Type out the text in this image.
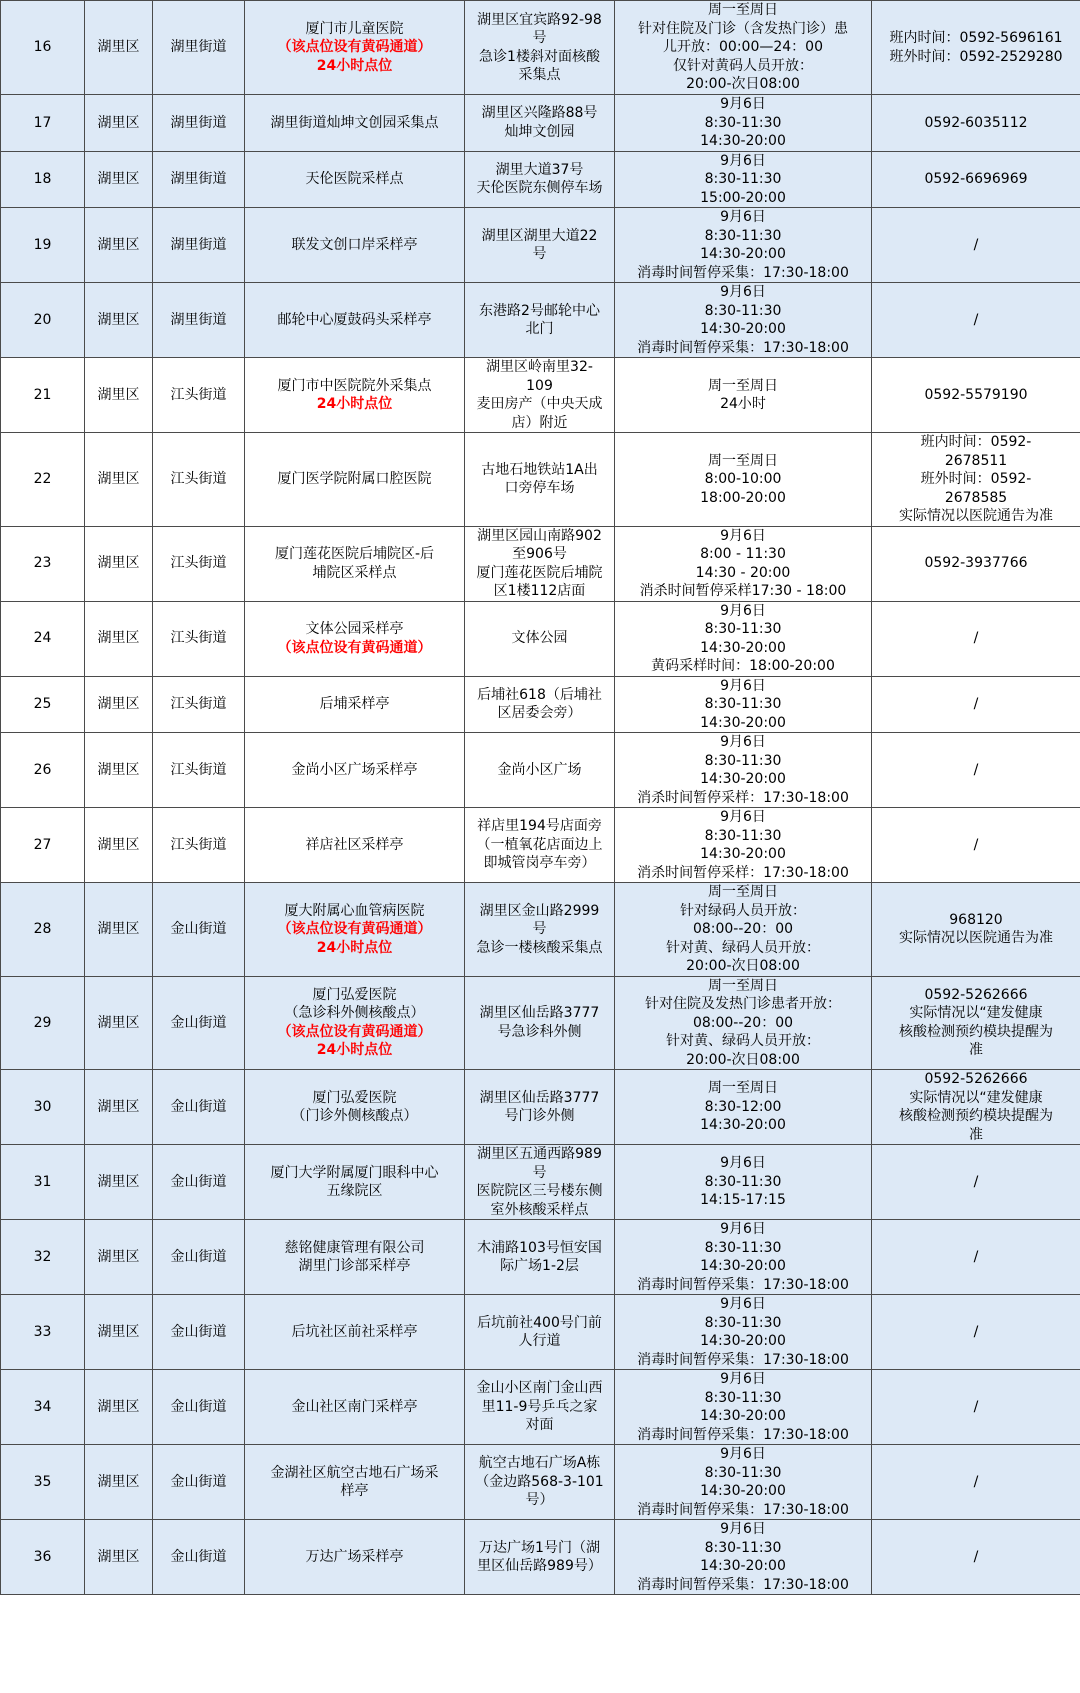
16	湖里区	湖里街道	厦门市儿童医院
（该点位设有黄码通道）
24小时点位	湖里区宜宾路92-98
号
急诊1楼斜对面核酸
采集点	周一至周日
针对住院及门诊（含发热门诊）患
儿开放：00:00—24：00
仅针对黄码人员开放：
20:00-次日08:00	班内时间：0592-5696161
班外时间：0592-2529280

17	湖里区	湖里街道	湖里街道灿坤文创园采集点	湖里区兴隆路88号
灿坤文创园	9月6日
8:30-11:30
14:30-20:00	0592-6035112

18	湖里区	湖里街道	天伦医院采样点	湖里大道37号
天伦医院东侧停车场	9月6日
8:30-11:30
15:00-20:00	0592-6696969

19	湖里区	湖里街道	联发文创口岸采样亭	湖里区湖里大道22
号	9月6日
8:30-11:30
14:30-20:00
消毒时间暂停采集：17:30-18:00	/

20	湖里区	湖里街道	邮轮中心厦鼓码头采样亭	东港路2号邮轮中心
北门	9月6日
8:30-11:30
14:30-20:00
消毒时间暂停采集：17:30-18:00	/

21	湖里区	江头街道	厦门市中医院院外采集点
24小时点位	湖里区岭南里32-
109
麦田房产（中央天成
店）附近	周一至周日
24小时	0592-5579190

22	湖里区	江头街道	厦门医学院附属口腔医院	古地石地铁站1A出
口旁停车场	周一至周日
8:00-10:00
18:00-20:00	班内时间：0592-
2678511
班外时间：0592-
2678585
实际情况以医院通告为准

23	湖里区	江头街道	厦门莲花医院后埔院区-后
埔院区采样点	湖里区园山南路902
至906号
厦门莲花医院后埔院
区1楼112店面	9月6日
8:00 - 11:30
14:30 - 20:00
消杀时间暂停采样17:30 - 18:00	0592-3937766

24	湖里区	江头街道	文体公园采样亭
（该点位设有黄码通道）	文体公园	9月6日
8:30-11:30
14:30-20:00
黄码采样时间：18:00-20:00	/

25	湖里区	江头街道	后埔采样亭	后埔社618（后埔社
区居委会旁）	9月6日
8:30-11:30
14:30-20:00	/

26	湖里区	江头街道	金尚小区广场采样亭	金尚小区广场	9月6日
8:30-11:30
14:30-20:00
消杀时间暂停采样：17:30-18:00	/

27	湖里区	江头街道	祥店社区采样亭	祥店里194号店面旁
（一植氧花店面边上
即城管岗亭车旁）	9月6日
8:30-11:30
14:30-20:00
消杀时间暂停采样：17:30-18:00	/

28	湖里区	金山街道	厦大附属心血管病医院
（该点位设有黄码通道）
24小时点位	湖里区金山路2999
号
急诊一楼核酸采集点	周一至周日
针对绿码人员开放：
08:00--20：00
针对黄、绿码人员开放：
20:00-次日08:00	968120
实际情况以医院通告为准

29	湖里区	金山街道	厦门弘爱医院
（急诊科外侧核酸点）
（该点位设有黄码通道）
24小时点位	湖里区仙岳路3777
号急诊科外侧	周一至周日
针对住院及发热门诊患者开放：
08:00--20：00
针对黄、绿码人员开放：
20:00-次日08:00	0592-5262666
实际情况以“建发健康
核酸检测预约模块提醒为
准

30	湖里区	金山街道	厦门弘爱医院
（门诊外侧核酸点）	湖里区仙岳路3777
号门诊外侧	周一至周日
8:30-12:00
14:30-20:00	0592-5262666
实际情况以“建发健康
核酸检测预约模块提醒为
准

31	湖里区	金山街道	厦门大学附属厦门眼科中心
五缘院区	湖里区五通西路989
号
医院院区三号楼东侧
室外核酸采样点	9月6日
8:30-11:30
14:15-17:15	/

32	湖里区	金山街道	慈铭健康管理有限公司
湖里门诊部采样亭	木浦路103号恒安国
际广场1-2层	9月6日
8:30-11:30
14:30-20:00
消毒时间暂停采集：17:30-18:00	/

33	湖里区	金山街道	后坑社区前社采样亭	后坑前社400号门前
人行道	9月6日
8:30-11:30
14:30-20:00
消毒时间暂停采集：17:30-18:00	/

34	湖里区	金山街道	金山社区南门采样亭	金山小区南门金山西
里11-9号乒乓之家
对面	9月6日
8:30-11:30
14:30-20:00
消毒时间暂停采集：17:30-18:00	/

35	湖里区	金山街道	金湖社区航空古地石广场采
样亭	航空古地石广场A栋
（金边路568-3-101
号）	9月6日
8:30-11:30
14:30-20:00
消毒时间暂停采集：17:30-18:00	/

36	湖里区	金山街道	万达广场采样亭	万达广场1号门（湖
里区仙岳路989号）	9月6日
8:30-11:30
14:30-20:00
消毒时间暂停采集：17:30-18:00	/
